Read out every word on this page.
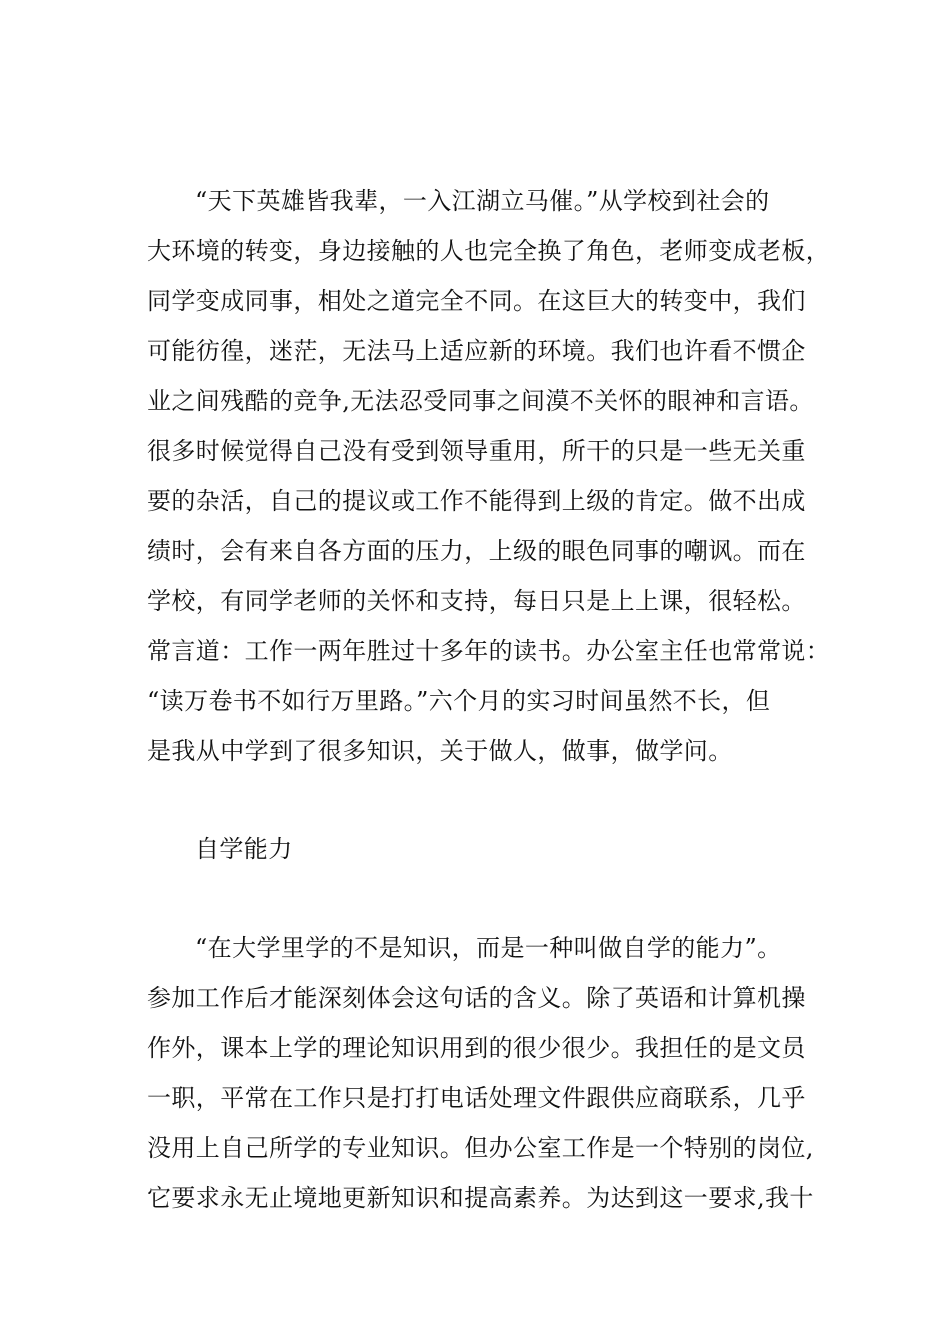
“天下英雄皆我辈，一入江湖立马催。”从学校到社会的
大环境的转变，身边接触的人也完全换了角色，老师变成老板，
同学变成同事，相处之道完全不同。在这巨大的转变中，我们
可能彷徨，迷茫，无法马上适应新的环境。我们也许看不惯企
业之间残酷的竞争,无法忍受同事之间漠不关怀的眼神和言语。
很多时候觉得自己没有受到领导重用，所干的只是一些无关重
要的杂活，自己的提议或工作不能得到上级的肯定。做不出成
绩时，会有来自各方面的压力，上级的眼色同事的嘲讽。而在
学校，有同学老师的关怀和支持，每日只是上上课，很轻松。
常言道：工作一两年胜过十多年的读书。办公室主任也常常说：
“读万卷书不如行万里路。”六个月的实习时间虽然不长，但
是我从中学到了很多知识，关于做人，做事，做学问。
自学能力
“在大学里学的不是知识，而是一种叫做自学的能力”。
参加工作后才能深刻体会这句话的含义。除了英语和计算机操
作外，课本上学的理论知识用到的很少很少。我担任的是文员
一职，平常在工作只是打打电话处理文件跟供应商联系，几乎
没用上自己所学的专业知识。但办公室工作是一个特别的岗位,
它要求永无止境地更新知识和提高素养。为达到这一要求,我十
